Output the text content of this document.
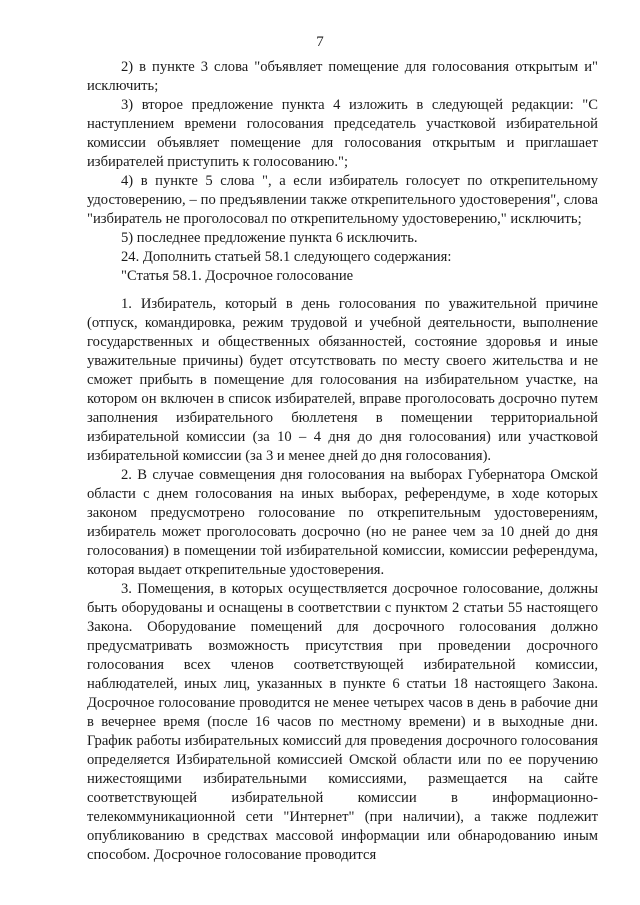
7

2) в пункте 3 слова "объявляет помещение для голосования открытым и" исключить;

3) второе предложение пункта 4 изложить в следующей редакции: "С наступлением времени голосования председатель участковой избирательной комиссии объявляет помещение для голосования открытым и приглашает избирателей приступить к голосованию.";

4) в пункте 5 слова ", а если избиратель голосует по открепительному удостоверению, – по предъявлении также открепительного удостоверения", слова "избиратель не проголосовал по открепительному удостоверению," исключить;

5) последнее предложение пункта 6 исключить.

24. Дополнить статьей 58.1 следующего содержания:

"Статья 58.1. Досрочное голосование

1. Избиратель, который в день голосования по уважительной причине (отпуск, командировка, режим трудовой и учебной деятельности, выполнение государственных и общественных обязанностей, состояние здоровья и иные уважительные причины) будет отсутствовать по месту своего жительства и не сможет прибыть в помещение для голосования на избирательном участке, на котором он включен в список избирателей, вправе проголосовать досрочно путем заполнения избирательного бюллетеня в помещении территориальной избирательной комиссии (за 10 – 4 дня до дня голосования) или участковой избирательной комиссии (за 3 и менее дней до дня голосования).

2. В случае совмещения дня голосования на выборах Губернатора Омской области с днем голосования на иных выборах, референдуме, в ходе которых законом предусмотрено голосование по открепительным удостоверениям, избиратель может проголосовать досрочно (но не ранее чем за 10 дней до дня голосования) в помещении той избирательной комиссии, комиссии референдума, которая выдает открепительные удостоверения.

3. Помещения, в которых осуществляется досрочное голосование, должны быть оборудованы и оснащены в соответствии с пунктом 2 статьи 55 настоящего Закона. Оборудование помещений для досрочного голосования должно предусматривать возможность присутствия при проведении досрочного голосования всех членов соответствующей избирательной комиссии, наблюдателей, иных лиц, указанных в пункте 6 статьи 18 настоящего Закона. Досрочное голосование проводится не менее четырех часов в день в рабочие дни в вечернее время (после 16 часов по местному времени) и в выходные дни. График работы избирательных комиссий для проведения досрочного голосования определяется Избирательной комиссией Омской области или по ее поручению нижестоящими избирательными комиссиями, размещается на сайте соответствующей избирательной комиссии в информационно-телекоммуникационной сети "Интернет" (при наличии), а также подлежит опубликованию в средствах массовой информации или обнародованию иным способом. Досрочное голосование проводится
